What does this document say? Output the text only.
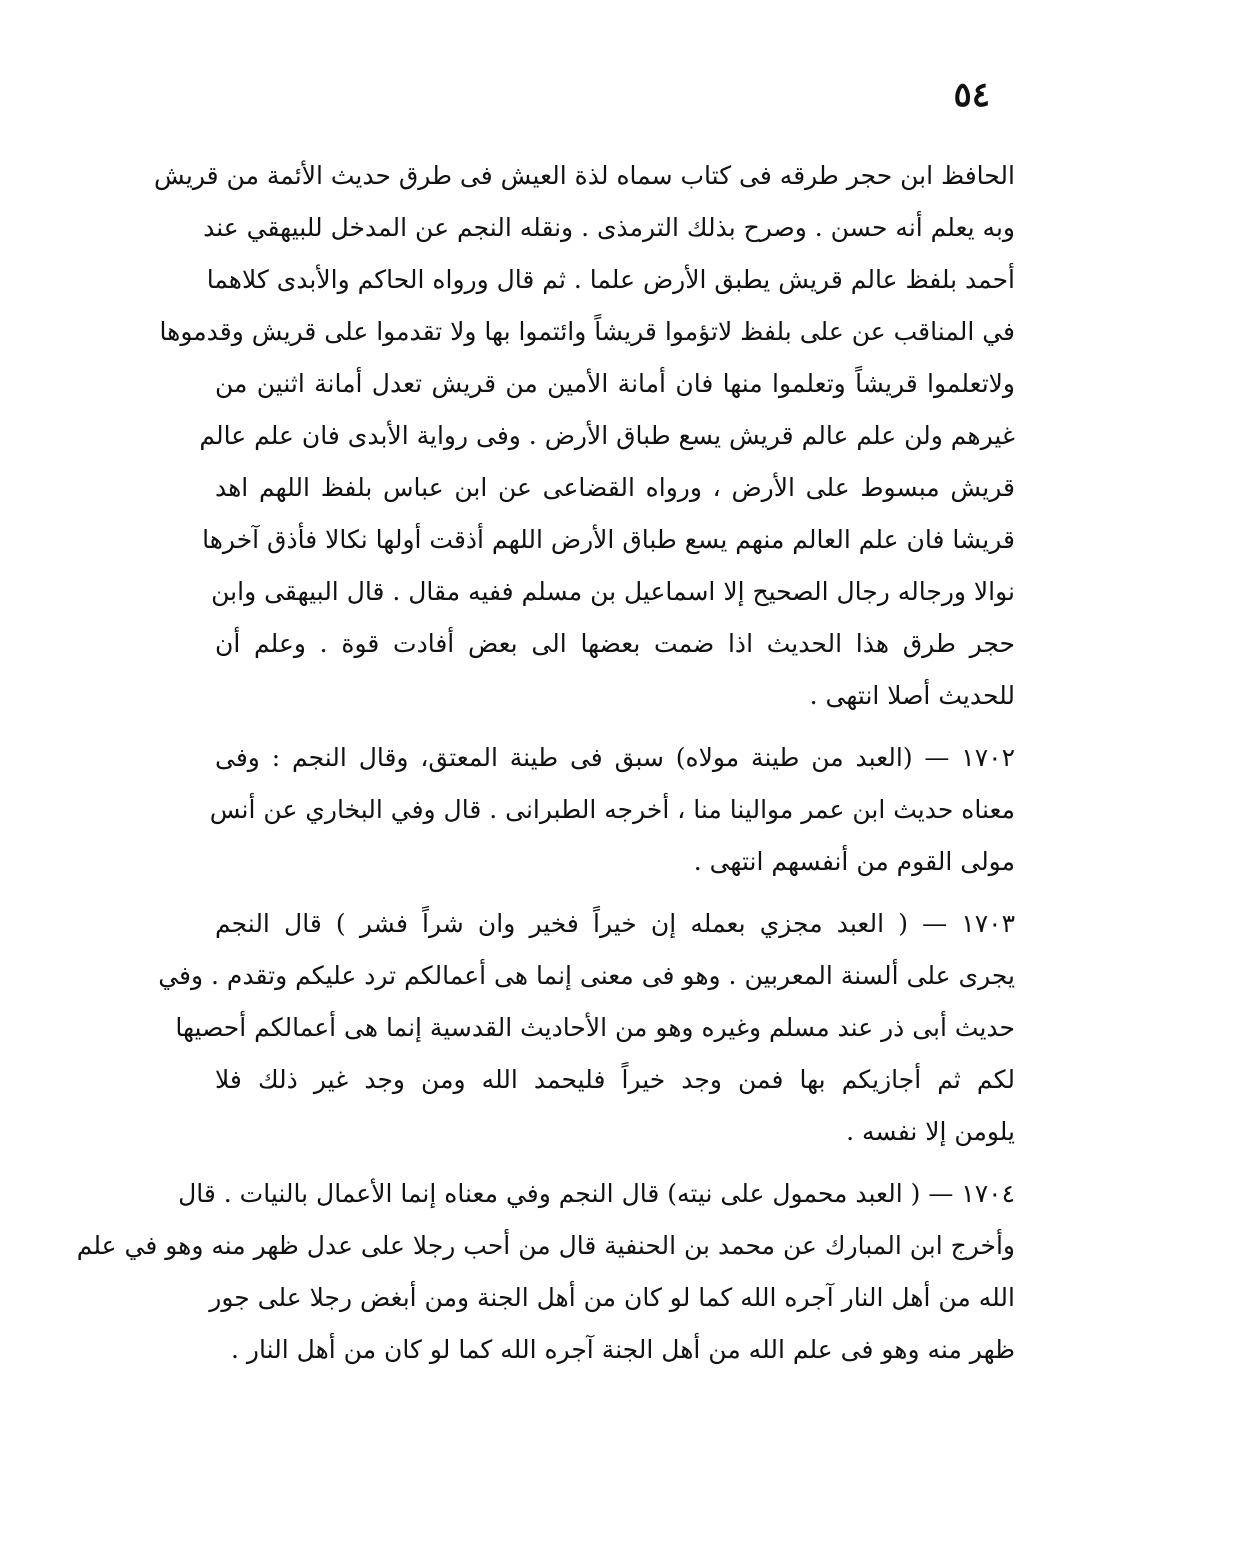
٥٤
الحافظ ابن حجر طرقه فى كتاب سماه لذة العيش فى طرق حديث الأئمة من قريش
وبه يعلم أنه حسن . وصرح بذلك الترمذى . ونقله النجم عن المدخل للبيهقي عند
أحمد بلفظ عالم قريش يطبق الأرض علما . ثم قال ورواه الحاكم والأبدى كلاهما
في المناقب عن على بلفظ لاتؤموا قريشاً وائتموا بها ولا تقدموا على قريش وقدموها
ولاتعلموا قريشاً وتعلموا منها فان أمانة الأمين من قريش تعدل أمانة اثنين من
غيرهم ولن علم عالم قريش يسع طباق الأرض . وفى رواية الأبدى فان علم عالم
قريش مبسوط على الأرض ، ورواه القضاعى عن ابن عباس بلفظ اللهم اهد
قريشا فان علم العالم منهم يسع طباق الأرض اللهم أذقت أولها نكالا فأذق آخرها
نوالا ورجاله رجال الصحيح إلا اسماعيل بن مسلم ففيه مقال . قال البيهقى وابن
حجر طرق هذا الحديث اذا ضمت بعضها الى بعض أفادت قوة . وعلم أن
للحديث أصلا انتهى .
١٧٠٢ — (العبد من طينة مولاه) سبق فى طينة المعتق، وقال النجم : وفى
معناه حديث ابن عمر موالينا منا ، أخرجه الطبرانى . قال وفي البخاري عن أنس
مولى القوم من أنفسهم انتهى .
١٧٠٣ — ( العبد مجزي بعمله إن خيراً فخير وان شراً فشر ) قال النجم
يجرى على ألسنة المعربين . وهو فى معنى إنما هى أعمالكم ترد عليكم وتقدم . وفي
حديث أبى ذر عند مسلم وغيره وهو من الأحاديث القدسية إنما هى أعمالكم أحصيها
لكم ثم أجازيكم بها فمن وجد خيراً فليحمد الله ومن وجد غير ذلك فلا
يلومن إلا نفسه .
١٧٠٤ — ( العبد محمول على نيته) قال النجم وفي معناه إنما الأعمال بالنيات . قال
وأخرج ابن المبارك عن محمد بن الحنفية قال من أحب رجلا على عدل ظهر منه وهو في علم
الله من أهل النار آجره الله كما لو كان من أهل الجنة ومن أبغض رجلا على جور
ظهر منه وهو فى علم الله من أهل الجنة آجره الله كما لو كان من أهل النار .
